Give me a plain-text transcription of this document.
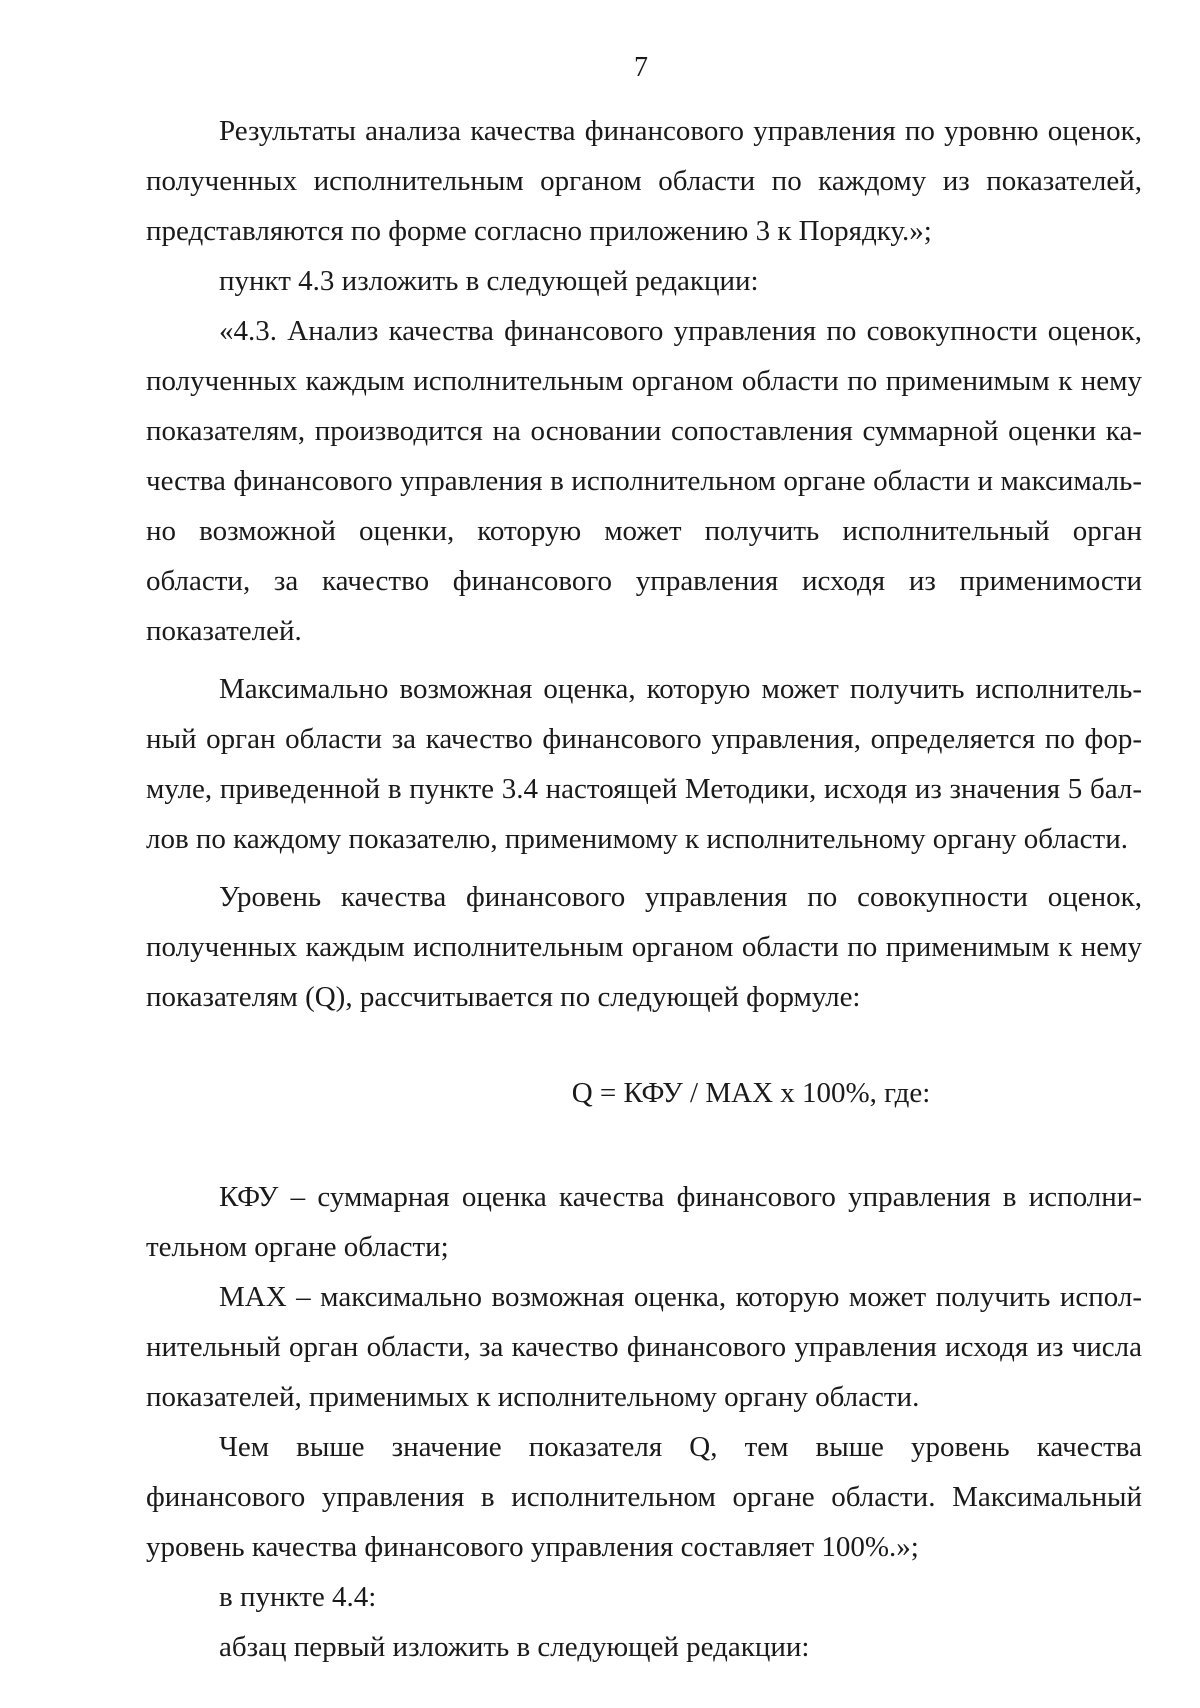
7

Результаты анализа качества финансового управления по уровню оценок, полученных исполнительным органом области по каждому из показателей, представляются по форме согласно приложению 3 к Порядку.»;

пункт 4.3 изложить в следующей редакции:

«4.3. Анализ качества финансового управления по совокупности оценок, полученных каждым исполнительным органом области по применимым к нему показателям, производится на основании сопоставления суммарной оценки качества финансового управления в исполнительном органе области и максимально возможной оценки, которую может получить исполнительный орган области, за качество финансового управления исходя из применимости показателей.

Максимально возможная оценка, которую может получить исполнительный орган области за качество финансового управления, определяется по формуле, приведенной в пункте 3.4 настоящей Методики, исходя из значения 5 баллов по каждому показателю, применимому к исполнительному органу области.

Уровень качества финансового управления по совокупности оценок, полученных каждым исполнительным органом области по применимым к нему показателям (Q), рассчитывается по следующей формуле:

Q = КФУ / МАХ х 100%, где:

КФУ – суммарная оценка качества финансового управления в исполнительном органе области;

МАХ – максимально возможная оценка, которую может получить исполнительный орган области, за качество финансового управления исходя из числа показателей, применимых к исполнительному органу области.

Чем выше значение показателя Q, тем выше уровень качества финансового управления в исполнительном органе области. Максимальный уровень качества финансового управления составляет 100%.»;

в пункте 4.4:

абзац первый изложить в следующей редакции:
